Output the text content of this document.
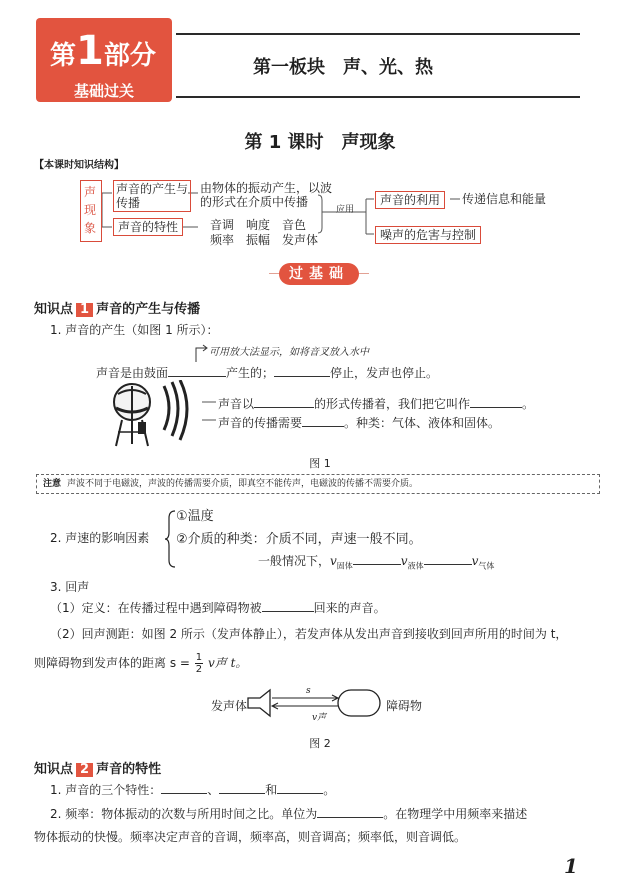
第1部分
基础过关
第一板块　声、光、热
第 1 课时　声现象
【本课时知识结构】
声现象
声音的产生与传播
由物体的振动产生，以波
的形式在介质中传播
声音的特性	音调　响度　音色
频率　振幅　发声体
应用
声音的利用	传递信息和能量
噪声的危害与控制
过基础
知识点 1 声音的产生与传播
1. 声音的产生（如图 1 所示）：
可用放大法显示，如将音叉放入水中
声音是由鼓面	产生的；	停止，发声也停止。
声音以	的形式传播着，我们把它叫作	。
声音的传播需要	。种类：气体、液体和固体。
图 1
注意 声波不同于电磁波，声波的传播需要介质，即真空不能传声，电磁波的传播不需要介质。
2. 声速的影响因素
①温度
②介质的种类：介质不同，声速一般不同。
一般情况下，$v_{固体}$	$v_{液体}$	$v_{气体}$
3. 回声
（1）定义：在传播过程中遇到障碍物被	回来的声音。
（2）回声测距：如图 2 所示（发声体静止），若发声体从发出声音到接收到回声所用的时间为 t，
则障碍物到发声体的距离 $s = \frac{1}{2}$ v声 t。
发声体	障碍物
s
v声
图 2
知识点 2 声音的特性
1. 声音的三个特性：	、	和	。
2. 频率：物体振动的次数与所用时间之比。单位为	。在物理学中用频率来描述
物体振动的快慢。频率决定声音的音调，频率高，则音调高；频率低，则音调低。
1
